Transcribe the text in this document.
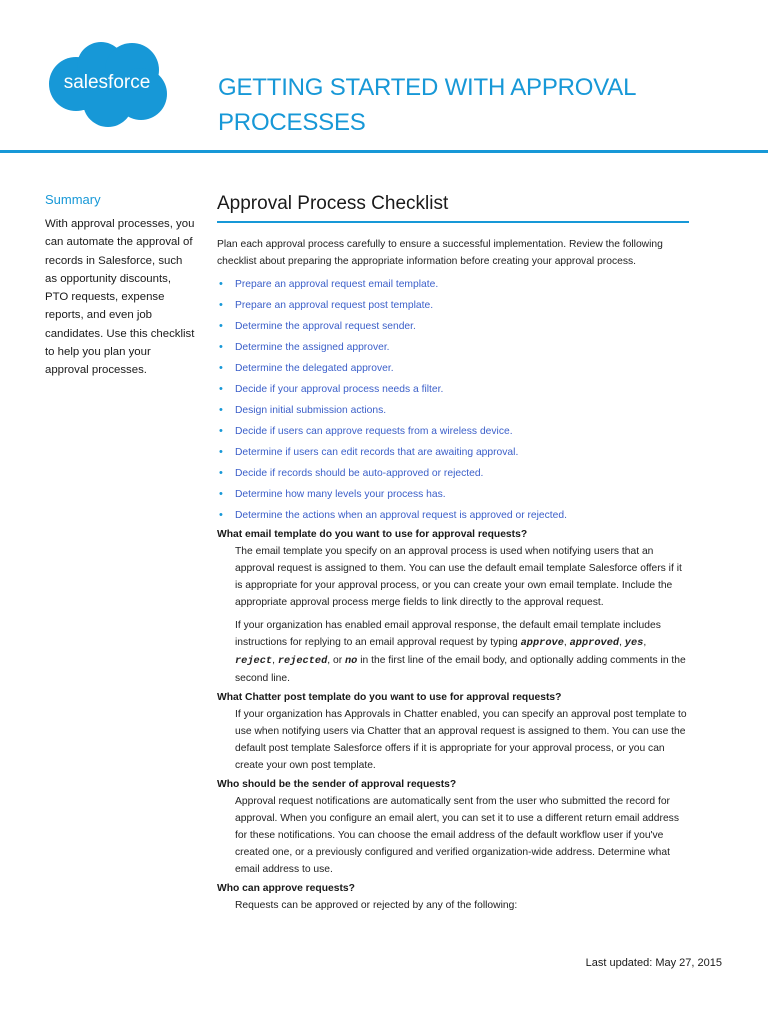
salesforce	GETTING STARTED WITH APPROVAL PROCESSES
Summary

With approval processes, you can automate the approval of records in Salesforce, such as opportunity discounts, PTO requests, expense reports, and even job candidates. Use this checklist to help you plan your approval processes.

Approval Process Checklist

Plan each approval process carefully to ensure a successful implementation. Review the following checklist about preparing the appropriate information before creating your approval process.

• Prepare an approval request email template.
• Prepare an approval request post template.
• Determine the approval request sender.
• Determine the assigned approver.
• Determine the delegated approver.
• Decide if your approval process needs a filter.
• Design initial submission actions.
• Decide if users can approve requests from a wireless device.
• Determine if users can edit records that are awaiting approval.
• Decide if records should be auto-approved or rejected.
• Determine how many levels your process has.
• Determine the actions when an approval request is approved or rejected.

What email template do you want to use for approval requests?

The email template you specify on an approval process is used when notifying users that an approval request is assigned to them. You can use the default email template Salesforce offers if it is appropriate for your approval process, or you can create your own email template. Include the appropriate approval process merge fields to link directly to the approval request.

If your organization has enabled email approval response, the default email template includes instructions for replying to an email approval request by typing approve, approved, yes, reject, rejected, or no in the first line of the email body, and optionally adding comments in the second line.

What Chatter post template do you want to use for approval requests?

If your organization has Approvals in Chatter enabled, you can specify an approval post template to use when notifying users via Chatter that an approval request is assigned to them. You can use the default post template Salesforce offers if it is appropriate for your approval process, or you can create your own post template.

Who should be the sender of approval requests?

Approval request notifications are automatically sent from the user who submitted the record for approval. When you configure an email alert, you can set it to use a different return email address for these notifications. You can choose the email address of the default workflow user if you've created one, or a previously configured and verified organization-wide address. Determine what email address to use.

Who can approve requests?

Requests can be approved or rejected by any of the following:

Last updated: May 27, 2015
